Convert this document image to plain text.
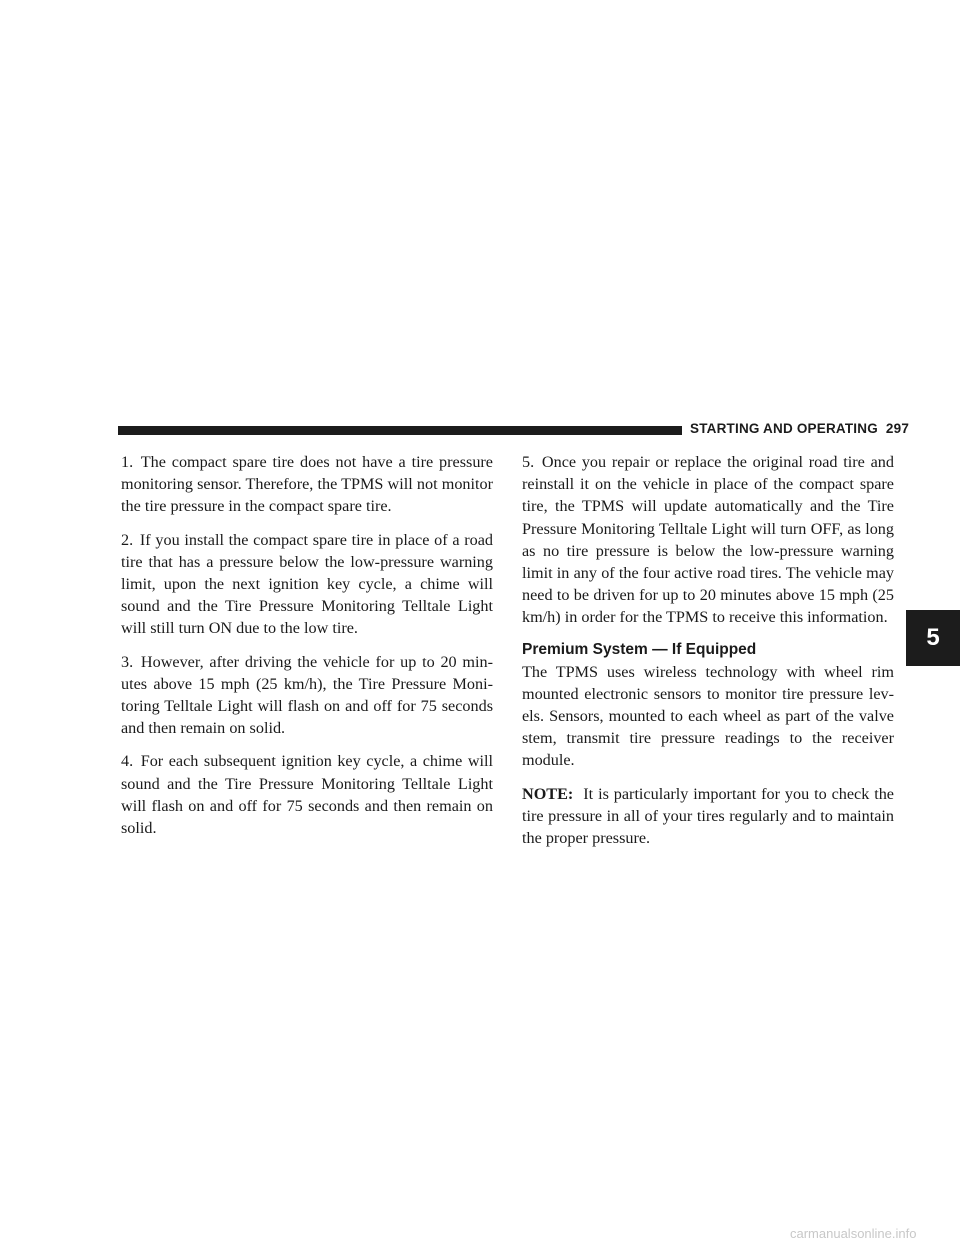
STARTING AND OPERATING 297

1. The compact spare tire does not have a tire pressure monitoring sensor. Therefore, the TPMS will not monitor the tire pressure in the compact spare tire.

2. If you install the compact spare tire in place of a road tire that has a pressure below the low-pressure warning limit, upon the next ignition key cycle, a chime will sound and the Tire Pressure Monitoring Telltale Light will still turn ON due to the low tire.

3. However, after driving the vehicle for up to 20 min-utes above 15 mph (25 km/h), the Tire Pressure Moni-toring Telltale Light will flash on and off for 75 seconds and then remain on solid.

4. For each subsequent ignition key cycle, a chime will sound and the Tire Pressure Monitoring Telltale Light will flash on and off for 75 seconds and then remain on solid.

5. Once you repair or replace the original road tire and reinstall it on the vehicle in place of the compact spare tire, the TPMS will update automatically and the Tire Pressure Monitoring Telltale Light will turn OFF, as long as no tire pressure is below the low-pressure warning limit in any of the four active road tires. The vehicle may need to be driven for up to 20 minutes above 15 mph (25 km/h) in order for the TPMS to receive this information.

Premium System — If Equipped

The TPMS uses wireless technology with wheel rim mounted electronic sensors to monitor tire pressure lev-els. Sensors, mounted to each wheel as part of the valve stem, transmit tire pressure readings to the receiver module.

NOTE: It is particularly important for you to check the tire pressure in all of your tires regularly and to maintain the proper pressure.

5
carmanualsonline.info
